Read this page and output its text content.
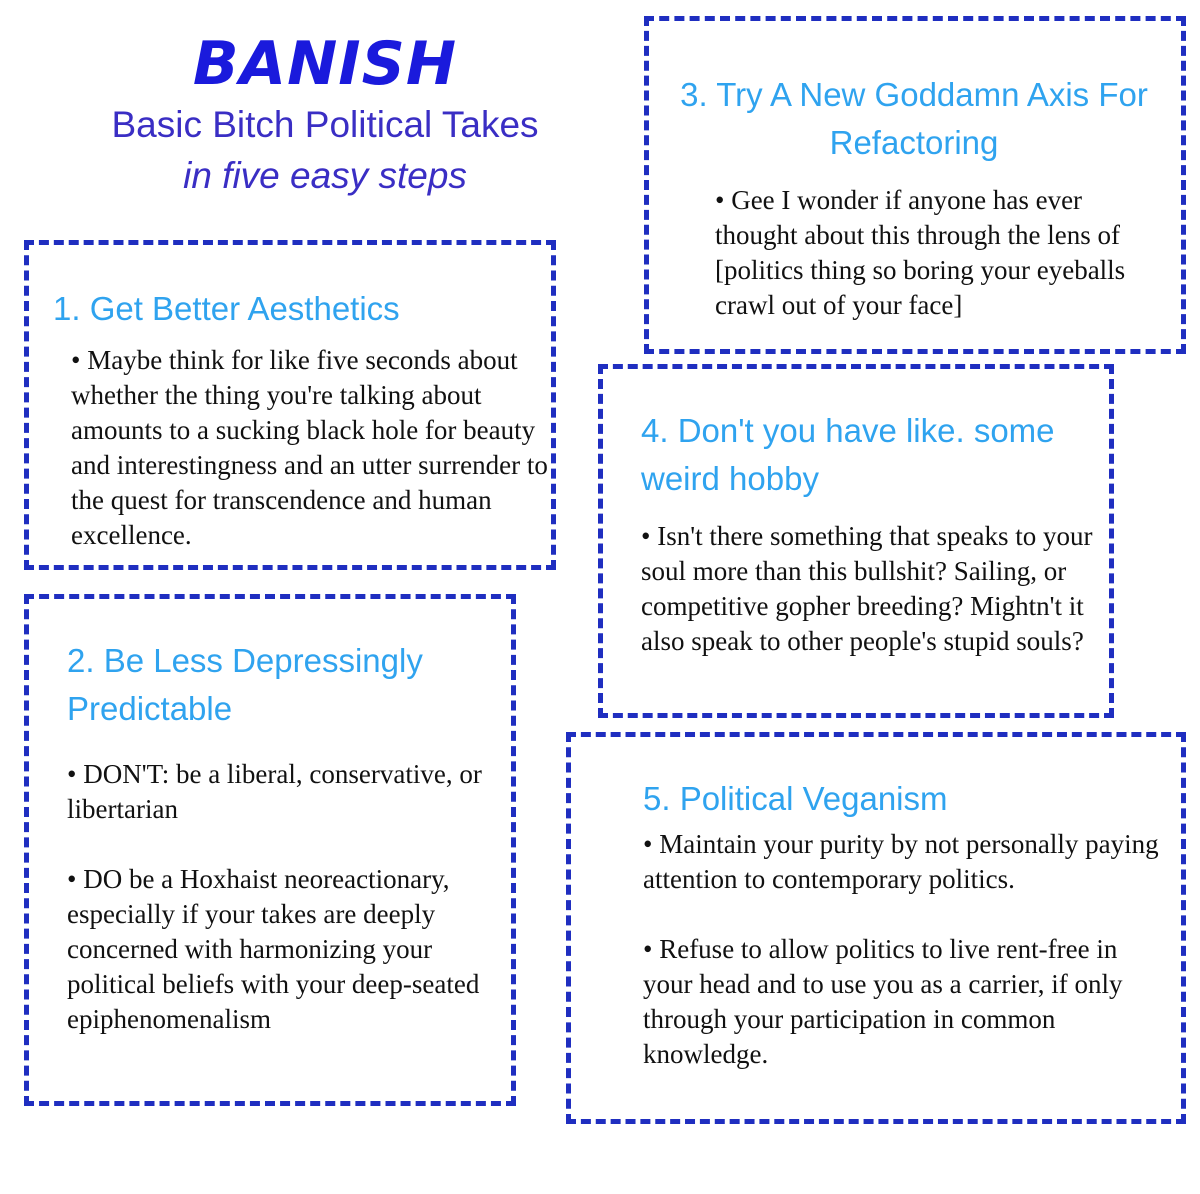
BANISH
Basic Bitch Political Takes
in five easy steps
1. Get Better Aesthetics
• Maybe think for like five seconds about whether the thing you're talking about amounts to a sucking black hole for beauty and interestingness and an utter surrender to the quest for transcendence and human excellence.
2. Be Less Depressingly Predictable
• DON'T: be a liberal, conservative, or libertarian
• DO be a Hoxhaist neoreactionary, especially if your takes are deeply concerned with harmonizing your political beliefs with your deep-seated epiphenomenalism
3. Try A New Goddamn Axis For Refactoring
• Gee I wonder if anyone has ever thought about this through the lens of [politics thing so boring your eyeballs crawl out of your face]
4. Don't you have like. some weird hobby
• Isn't there something that speaks to your soul more than this bullshit? Sailing, or competitive gopher breeding? Mightn't it also speak to other people's stupid souls?
5. Political Veganism
• Maintain your purity by not personally paying attention to contemporary politics.
• Refuse to allow politics to live rent-free in your head and to use you as a carrier, if only through your participation in common knowledge.
